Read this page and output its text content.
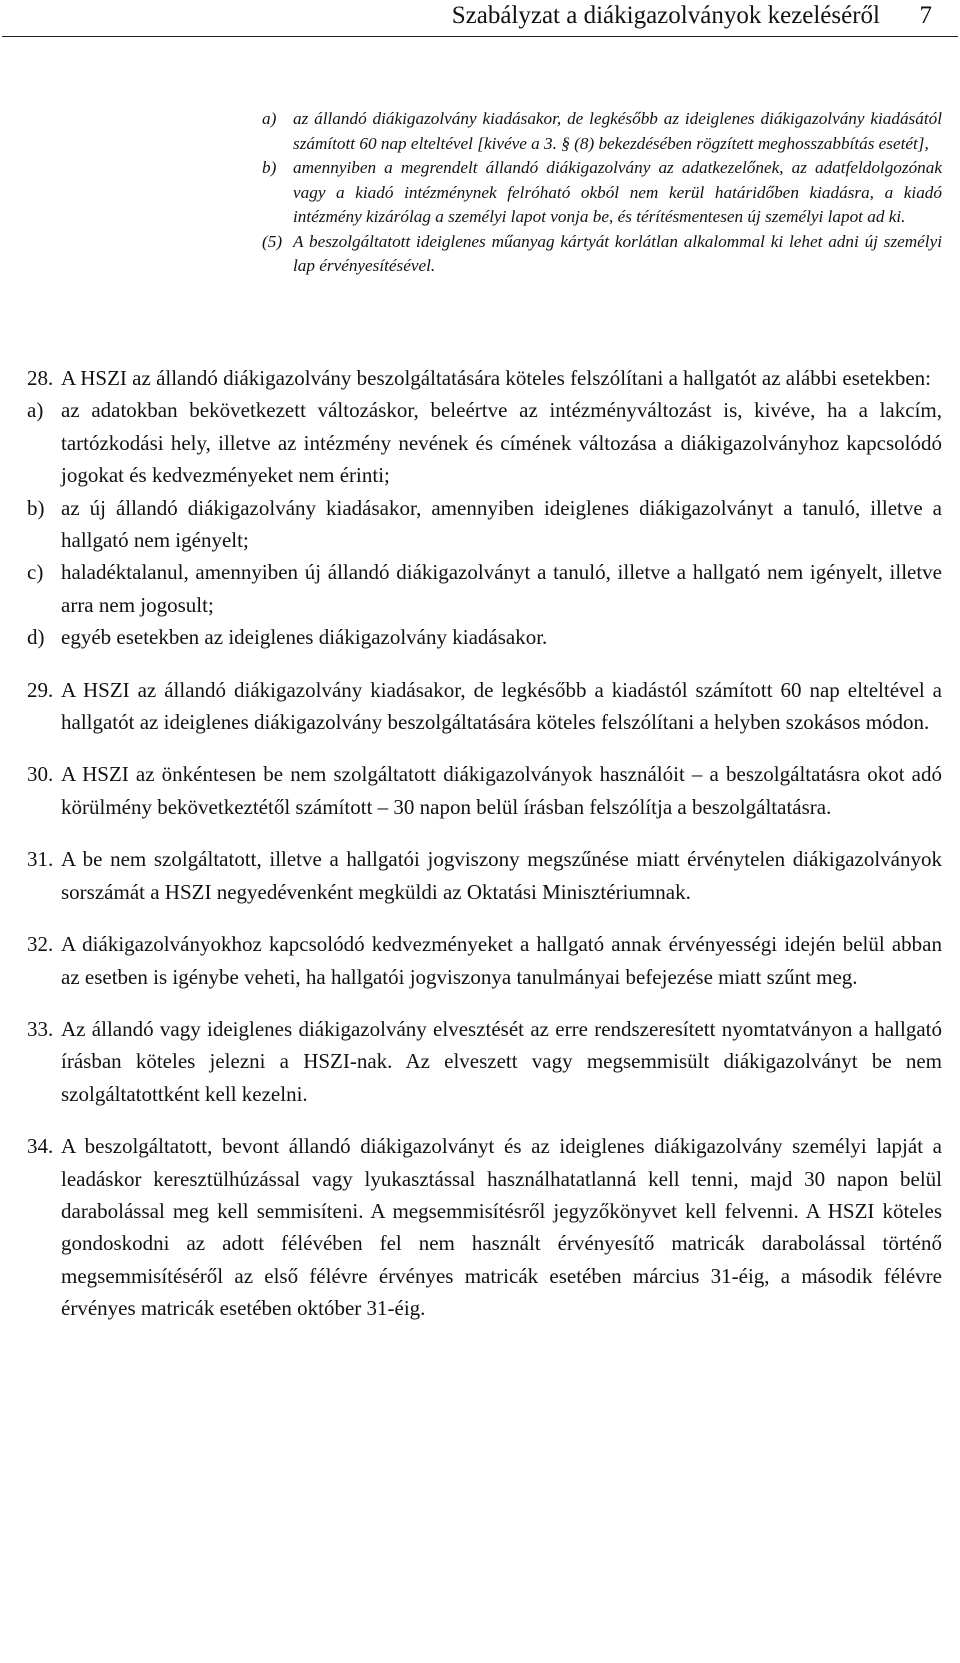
Szabályzat a diákigazolványok kezeléséről 7
a) az állandó diákigazolvány kiadásakor, de legkésőbb az ideiglenes diákigazolvány kiadásától számított 60 nap elteltével [kivéve a 3. § (8) bekezdésében rögzített meghosszabbítás esetét],
b) amennyiben a megrendelt állandó diákigazolvány az adatkezelőnek, az adatfeldolgozónak vagy a kiadó intézménynek felróható okból nem kerül határidőben kiadásra, a kiadó intézmény kizárólag a személyi lapot vonja be, és térítésmentesen új személyi lapot ad ki.
(5) A beszolgáltatott ideiglenes műanyag kártyát korlátlan alkalommal ki lehet adni új személyi lap érvényesítésével.
28. A HSZI az állandó diákigazolvány beszolgáltatására köteles felszólítani a hallgatót az alábbi esetekben:
a) az adatokban bekövetkezett változáskor, beleértve az intézményváltozást is, kivéve, ha a lakcím, tartózkodási hely, illetve az intézmény nevének és címének változása a diákigazolványhoz kapcsolódó jogokat és kedvezményeket nem érinti;
b) az új állandó diákigazolvány kiadásakor, amennyiben ideiglenes diákigazolványt a tanuló, illetve a hallgató nem igényelt;
c) haladéktalanul, amennyiben új állandó diákigazolványt a tanuló, illetve a hallgató nem igényelt, illetve arra nem jogosult;
d) egyéb esetekben az ideiglenes diákigazolvány kiadásakor.
29. A HSZI az állandó diákigazolvány kiadásakor, de legkésőbb a kiadástól számított 60 nap elteltével a hallgatót az ideiglenes diákigazolvány beszolgáltatására köteles felszólítani a helyben szokásos módon.
30. A HSZI az önkéntesen be nem szolgáltatott diákigazolványok használóit – a beszolgáltatásra okot adó körülmény bekövetkeztétől számított – 30 napon belül írásban felszólítja a beszolgáltatásra.
31. A be nem szolgáltatott, illetve a hallgatói jogviszony megszűnése miatt érvénytelen diákigazolványok sorszámát a HSZI negyedévenként megküldi az Oktatási Minisztériumnak.
32. A diákigazolványokhoz kapcsolódó kedvezményeket a hallgató annak érvényességi idején belül abban az esetben is igénybe veheti, ha hallgatói jogviszonya tanulmányai befejezése miatt szűnt meg.
33. Az állandó vagy ideiglenes diákigazolvány elvesztését az erre rendszeresített nyomtatványon a hallgató írásban köteles jelezni a HSZI-nak. Az elveszett vagy megsemmisült diákigazolványt be nem szolgáltatottként kell kezelni.
34. A beszolgáltatott, bevont állandó diákigazolványt és az ideiglenes diákigazolvány személyi lapját a leadáskor keresztülhúzással vagy lyukasztással használhatatlanná kell tenni, majd 30 napon belül darabolással meg kell semmisíteni. A megsemmisítésről jegyzőkönyvet kell felvenni. A HSZI köteles gondoskodni az adott félévében fel nem használt érvényesítő matricák darabolással történő megsemmisítéséről az első félévre érvényes matricák esetében március 31-éig, a második félévre érvényes matricák esetében október 31-éig.
